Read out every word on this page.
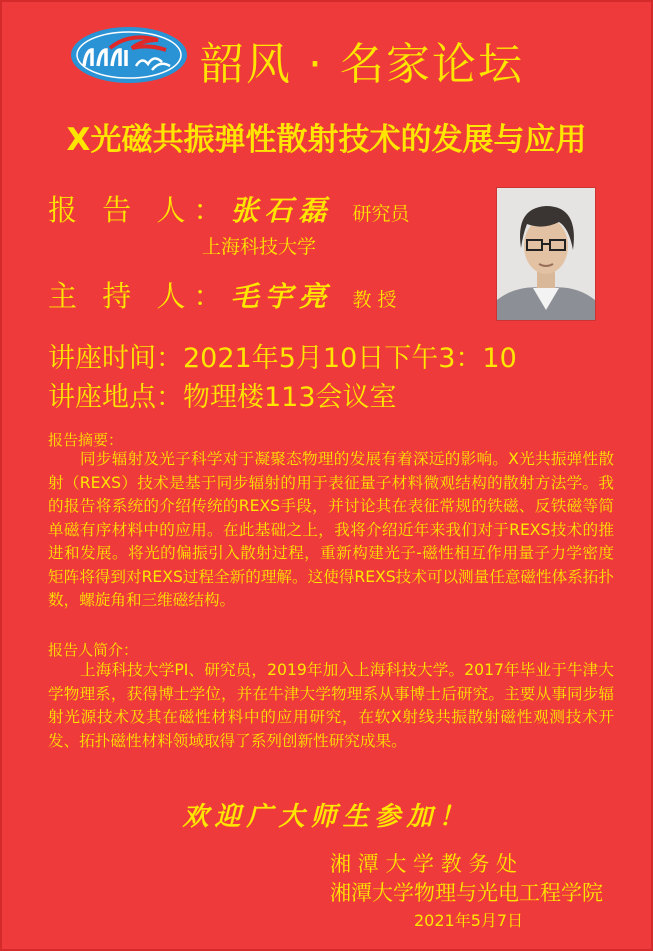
韶风 · 名家论坛
X光磁共振弹性散射技术的发展与应用
报 告 人：张石磊 研究员
上海科技大学
主 持 人：毛宇亮 教 授
讲座时间：2021年5月10日下午3：10
讲座地点：物理楼113会议室
报告摘要：
同步辐射及光子科学对于凝聚态物理的发展有着深远的影响。X光共振弹性散射（REXS）技术是基于同步辐射的用于表征量子材料微观结构的散射方法学。我的报告将系统的介绍传统的REXS手段，并讨论其在表征常规的铁磁、反铁磁等简单磁有序材料中的应用。在此基础之上，我将介绍近年来我们对于REXS技术的推进和发展。将光的偏振引入散射过程，重新构建光子-磁性相互作用量子力学密度矩阵将得到对REXS过程全新的理解。这使得REXS技术可以测量任意磁性体系拓扑数，螺旋角和三维磁结构。
报告人简介：
上海科技大学PI、研究员，2019年加入上海科技大学。2017年毕业于牛津大学物理系，获得博士学位，并在牛津大学物理系从事博士后研究。主要从事同步辐射光源技术及其在磁性材料中的应用研究，在软X射线共振散射磁性观测技术开发、拓扑磁性材料领域取得了系列创新性研究成果。
欢迎广大师生参加！
湘 潭 大 学 教 务 处
湘潭大学物理与光电工程学院
2021年5月7日
